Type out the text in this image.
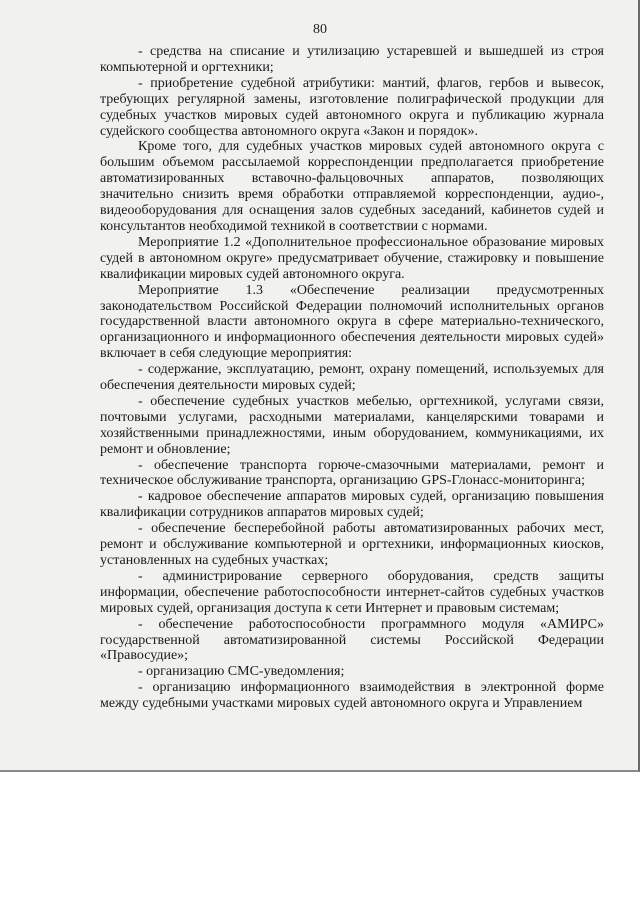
80

- средства на списание и утилизацию устаревшей и вышедшей из строя компьютерной и оргтехники;

- приобретение судебной атрибутики: мантий, флагов, гербов и вывесок, требующих регулярной замены, изготовление полиграфической продукции для судебных участков мировых судей автономного округа и публикацию журнала судейского сообщества автономного округа «Закон и порядок».

Кроме того, для судебных участков мировых судей автономного округа с большим объемом рассылаемой корреспонденции предполагается приобретение автоматизированных вставочно-фальцовочных аппаратов, позволяющих значительно снизить время обработки отправляемой корреспонденции, аудио-, видеооборудования для оснащения залов судебных заседаний, кабинетов судей и консультантов необходимой техникой в соответствии с нормами.

Мероприятие 1.2 «Дополнительное профессиональное образование мировых судей в автономном округе» предусматривает обучение, стажировку и повышение квалификации мировых судей автономного округа.

Мероприятие 1.3 «Обеспечение реализации предусмотренных законодательством Российской Федерации полномочий исполнительных органов государственной власти автономного округа в сфере материально-технического, организационного и информационного обеспечения деятельности мировых судей» включает в себя следующие мероприятия:

- содержание, эксплуатацию, ремонт, охрану помещений, используемых для обеспечения деятельности мировых судей;

- обеспечение судебных участков мебелью, оргтехникой, услугами связи, почтовыми услугами, расходными материалами, канцелярскими товарами и хозяйственными принадлежностями, иным оборудованием, коммуникациями, их ремонт и обновление;

- обеспечение транспорта горюче-смазочными материалами, ремонт и техническое обслуживание транспорта, организацию GPS-Глонасс-мониторинга;

- кадровое обеспечение аппаратов мировых судей, организацию повышения квалификации сотрудников аппаратов мировых судей;

- обеспечение бесперебойной работы автоматизированных рабочих мест, ремонт и обслуживание компьютерной и оргтехники, информационных киосков, установленных на судебных участках;

- администрирование серверного оборудования, средств защиты информации, обеспечение работоспособности интернет-сайтов судебных участков мировых судей, организация доступа к сети Интернет и правовым системам;

- обеспечение работоспособности программного модуля «АМИРС» государственной автоматизированной системы Российской Федерации «Правосудие»;

- организацию СМС-уведомления;

- организацию информационного взаимодействия в электронной форме между судебными участками мировых судей автономного округа и Управлением
